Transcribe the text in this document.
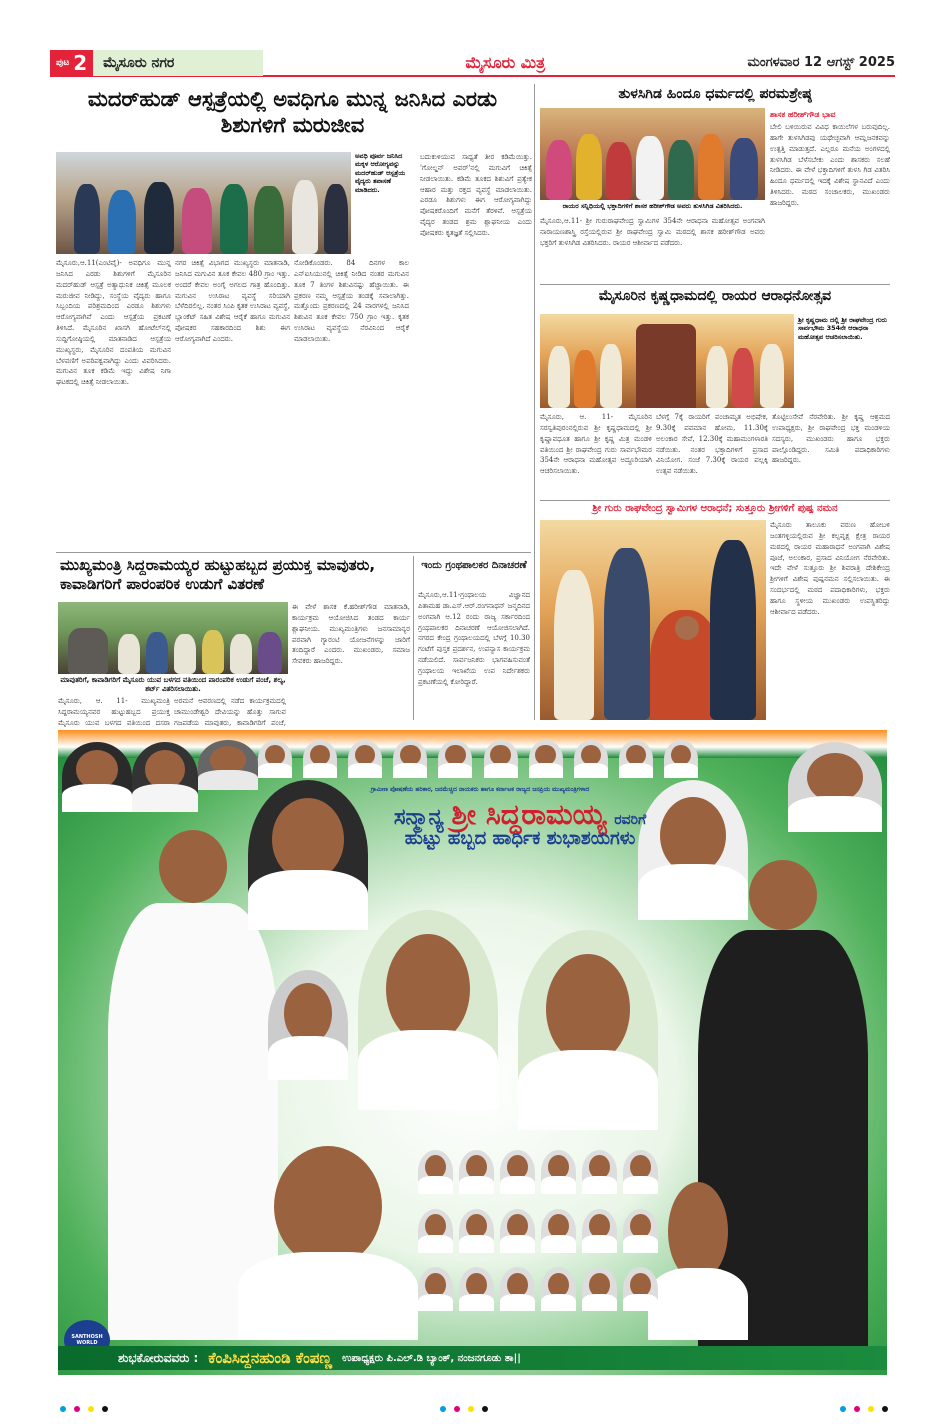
ಪುಟ 2	ಮೈಸೂರು ನಗರ	ಮೈಸೂರು ಮಿತ್ರ	ಮಂಗಳವಾರ 12 ಆಗಸ್ಟ್ 2025
ಮದರ್‌ಹುಡ್ ಆಸ್ಪತ್ರೆಯಲ್ಲಿ ಅವಧಿಗೂ ಮುನ್ನ ಜನಿಸಿದ ಎರಡು ಶಿಶುಗಳಿಗೆ ಮರುಜೀವ
ಅವಧಿ ಪೂರ್ವ ಜನಿಸಿದ ಮಕ್ಕಳ ಆರೋಗ್ಯವನ್ನು ಮದರ್‌ಹುಡ್ ಆಸ್ಪತ್ರೆಯ ವೈದ್ಯರು ತಪಾಸಣೆ ಮಾಡಿದರು.
ಮೈಸೂರು,ಆ.11(ಎಂಟಿವೈ)- ಅವಧಿಗೂ ಮುನ್ನ ಜನಿಸಿದ ಎರಡು ಶಿಶುಗಳಿಗೆ ಮೈಸೂರಿನ ಮದರ್‌ಹುಡ್ ಆಸ್ಪತ್ರೆ ಅತ್ಯಾಧುನಿಕ ಚಿಕಿತ್ಸೆ ಮೂಲಕ ಮರುಜೀವ ನೀಡಿದ್ದು, ಸಂಸ್ಥೆಯ ವೈದ್ಯರು ಹಾಗೂ ಸಿಬ್ಬಂದಿಯ ಪರಿಶ್ರಮದಿಂದ ಎರಡೂ ಶಿಶುಗಳು ಆರೋಗ್ಯವಾಗಿವೆ ಎಂದು ಆಸ್ಪತ್ರೆಯ ಪ್ರಕಟಣೆ ತಿಳಿಸಿದೆ. ಮೈಸೂರಿನ ಖಾಸಗಿ ಹೋಟೆಲ್‌ನಲ್ಲಿ ಸುದ್ದಿಗೋಷ್ಠಿಯಲ್ಲಿ ಮಾತನಾಡಿದ ಆಸ್ಪತ್ರೆಯ ಮುಖ್ಯಸ್ಥರು, ಮೈಸೂರಿನ ದಂಪತಿಯ ಮಗುವಿನ ಬೆಳವಣಿಗೆ ಅಪರಿಪಕ್ವವಾಗಿದ್ದು ಎಂದು ವಿವರಿಸಿದರು. ಮಗುವಿನ ತೂಕ ಕಡಿಮೆ ಇದ್ದು ವಿಶೇಷ ನಿಗಾ ಘಟಕದಲ್ಲಿ ಚಿಕಿತ್ಸೆ ನೀಡಲಾಯಿತು.
ನಗರ ಚಿಕಿತ್ಸೆ ವಿಭಾಗದ ಮುಖ್ಯಸ್ಥರು ಮಾತನಾಡಿ, ಜನಿಸಿದ ಮಗುವಿನ ತೂಕ ಕೇವಲ 480 ಗ್ರಾಂ ಇತ್ತು. ಅಂದರೆ ಕೇವಲ ಅಂಗೈ ಅಗಲದ ಗಾತ್ರ ಹೊಂದಿತ್ತು. ಮಗುವಿನ ಉಸಿರಾಟ ವ್ಯವಸ್ಥೆ ಸರಿಯಾಗಿ ಬೆಳೆದಿರಲಿಲ್ಲ. ನಂತರ ಸಿಂಪಿ ಕೃತಕ ಉಸಿರಾಟ ವ್ಯವಸ್ಥೆ, ಬ್ಲಾಂಕೆಟ್ ಸಹಿತ ವಿಶೇಷ ಆರೈಕೆ ಹಾಗೂ ಮಗುವಿನ ಪೋಷಕರ ಸಹಕಾರದಿಂದ ಶಿಶು ಈಗ ಆರೋಗ್ಯವಾಗಿದೆ ಎಂದರು.
ನೋಡಿಕೊಂಡರು. 84 ದಿನಗಳ ಕಾಲ ಎನ್‌ಐಸಿಯುನಲ್ಲಿ ಚಿಕಿತ್ಸೆ ನೀಡಿದ ನಂತರ ಮಗುವಿನ ತೂಕ 7 ತಿಂಗಳ ಶಿಶುವಿನಷ್ಟು ಹೆಚ್ಚಾಯಿತು. ಈ ಪ್ರಕರಣ ನಮ್ಮ ಆಸ್ಪತ್ರೆಯ ತಂಡಕ್ಕೆ ಸವಾಲಾಗಿತ್ತು. ಮತ್ತೊಂದು ಪ್ರಕರಣದಲ್ಲಿ 24 ವಾರಗಳಲ್ಲಿ ಜನಿಸಿದ ಶಿಶುವಿನ ತೂಕ ಕೇವಲ 750 ಗ್ರಾಂ ಇತ್ತು. ಕೃತಕ ಉಸಿರಾಟ ವ್ಯವಸ್ಥೆಯ ನೆರವಿನಿಂದ ಆರೈಕೆ ಮಾಡಲಾಯಿತು.
ಬದುಕುಳಿಯುವ ಸಾಧ್ಯತೆ ತೀರ ಕಡಿಮೆಯಿತ್ತು. 'ಗೋಲ್ಡನ್ ಅವರ್'ನಲ್ಲಿ ಮಗುವಿಗೆ ಚಿಕಿತ್ಸೆ ನೀಡಲಾಯಿತು. ಕಡಿಮೆ ತೂಕದ ಶಿಶುವಿಗೆ ಪ್ರತ್ಯೇಕ ಆಹಾರ ಮತ್ತು ರಕ್ತದ ವ್ಯವಸ್ಥೆ ಮಾಡಲಾಯಿತು. ಎರಡೂ ಶಿಶುಗಳು ಈಗ ಆರೋಗ್ಯವಾಗಿದ್ದು ಪೋಷಕರೊಂದಿಗೆ ಮನೆಗೆ ತೆರಳಿವೆ. ಆಸ್ಪತ್ರೆಯ ವೈದ್ಯರ ತಂಡದ ಶ್ರಮ ಶ್ಲಾಘನೀಯ ಎಂದು ಪೋಷಕರು ಕೃತಜ್ಞತೆ ಸಲ್ಲಿಸಿದರು.
ಮುಖ್ಯಮಂತ್ರಿ ಸಿದ್ದರಾಮಯ್ಯರ ಹುಟ್ಟುಹಬ್ಬದ ಪ್ರಯುಕ್ತ ಮಾವುತರು, ಕಾವಾಡಿಗರಿಗೆ ಪಾರಂಪರಿಕ ಉಡುಗೆ ವಿತರಣೆ
ಮಾವುತರಿಗೆ, ಕಾವಾಡಿಗರಿಗೆ ಮೈಸೂರು ಯುವ ಬಳಗದ ವತಿಯಿಂದ ಪಾರಂಪರಿಕ ಉಡುಗೆ ಪಂಚೆ, ಶಲ್ಯ, ಶರ್ಟ್ ವಿತರಿಸಲಾಯಿತು.
ಮೈಸೂರು, ಆ. 11- ಮುಖ್ಯಮಂತ್ರಿ ಸಿದ್ದರಾಮಯ್ಯನವರ ಹುಟ್ಟುಹಬ್ಬದ ಪ್ರಯುಕ್ತ ಮೈಸೂರು ಯುವ ಬಳಗದ ವತಿಯಿಂದ ದಸರಾ
ಅರಮನೆ ಆವರಣದಲ್ಲಿ ನಡೆದ ಕಾರ್ಯಕ್ರಮದಲ್ಲಿ ಚಾಮುಂಡೇಶ್ವರಿ ದೇವಿಯನ್ನು ಹೊತ್ತು ಸಾಗುವ ಗಜಪಡೆಯ ಮಾವುತರು, ಕಾವಾಡಿಗರಿಗೆ ಪಂಚೆ,
ಈ ವೇಳೆ ಶಾಸಕ ಕೆ.ಹರೀಶ್‌ಗೌಡ ಮಾತನಾಡಿ, ಕಾರ್ಯಕ್ರಮ ಆಯೋಜಿಸಿದ ತಂಡದ ಕಾರ್ಯ ಶ್ಲಾಘನೀಯ. ಮುಖ್ಯಮಂತ್ರಿಗಳು ಜನಸಾಮಾನ್ಯರ ಪರವಾಗಿ ಗ್ಯಾರಂಟಿ ಯೋಜನೆಗಳನ್ನು ಜಾರಿಗೆ ತಂದಿದ್ದಾರೆ ಎಂದರು. ಮುಖಂಡರು, ಸಮಾಜ ಸೇವಕರು ಹಾಜರಿದ್ದರು.
ಇಂದು ಗ್ರಂಥಪಾಲಕರ ದಿನಾಚರಣೆ
ಮೈಸೂರು,ಆ.11-ಗ್ರಂಥಾಲಯ ವಿಜ್ಞಾನದ ಪಿತಾಮಹ ಡಾ.ಎಸ್.ಆರ್.ರಂಗನಾಥನ್ ಜನ್ಮದಿನದ ಅಂಗವಾಗಿ ಆ.12 ರಂದು ರಾಜ್ಯ ಸರ್ಕಾರದಿಂದ ಗ್ರಂಥಪಾಲಕರ ದಿನಾಚರಣೆ ಆಯೋಜಿಸಲಾಗಿದೆ. ನಗರದ ಕೇಂದ್ರ ಗ್ರಂಥಾಲಯದಲ್ಲಿ ಬೆಳಗ್ಗೆ 10.30 ಗಂಟೆಗೆ ಪುಸ್ತಕ ಪ್ರದರ್ಶನ, ಉಪನ್ಯಾಸ ಕಾರ್ಯಕ್ರಮ ನಡೆಯಲಿದೆ. ಸಾರ್ವಜನಿಕರು ಭಾಗವಹಿಸುವಂತೆ ಗ್ರಂಥಾಲಯ ಇಲಾಖೆಯ ಉಪ ನಿರ್ದೇಶಕರು ಪ್ರಕಟಣೆಯಲ್ಲಿ ಕೋರಿದ್ದಾರೆ.
ತುಳಸಿಗಿಡ ಹಿಂದೂ ಧರ್ಮದಲ್ಲಿ ಪರಮಶ್ರೇಷ್ಠ
ರಾಯರ ಸನ್ನಿಧಿಯಲ್ಲಿ ಭಕ್ತಾದಿಗಳಿಗೆ ಶಾಸಕ ಹರೀಶ್‌ಗೌಡ ಅವರು ತುಳಸಿಗಿಡ ವಿತರಿಸಿದರು.
ಮೈಸೂರು,ಆ.11- ಶ್ರೀ ಗುರುರಾಘವೇಂದ್ರ ಸ್ವಾಮಿಗಳ 354ನೇ ಆರಾಧನಾ ಮಹೋತ್ಸವ ಅಂಗವಾಗಿ ನಾರಾಯಣಶಾಸ್ತ್ರಿ ರಸ್ತೆಯಲ್ಲಿರುವ ಶ್ರೀ ರಾಘವೇಂದ್ರ ಸ್ವಾಮಿ ಮಠದಲ್ಲಿ ಶಾಸಕ ಹರೀಶ್‌ಗೌಡ ಅವರು ಭಕ್ತರಿಗೆ ತುಳಸಿಗಿಡ ವಿತರಿಸಿದರು. ರಾಯರ ಆಶೀರ್ವಾದ ಪಡೆದರು.
ಶಾಸಕ ಹರೀಶ್‌ಗೌಡ ಭಾವ
ಬೇಲಿ ಬಳಿಯಿರುವ ವಿವಿಧ ಕಾಯಿಲೆಗಳ ಬರುವುದಿಲ್ಲ. ಹಾಗೇ ತುಳಸಿಗಿಡವು ಯಥೇಚ್ಛವಾಗಿ ಆಮ್ಲಜನಕವನ್ನು ಉತ್ಪತ್ತಿ ಮಾಡುತ್ತದೆ. ಎಲ್ಲರೂ ಮನೆಯ ಅಂಗಳದಲ್ಲಿ ತುಳಸಿಗಿಡ ಬೆಳೆಸಬೇಕು ಎಂದು ಶಾಸಕರು ಸಲಹೆ ನೀಡಿದರು. ಈ ವೇಳೆ ಭಕ್ತಾದಿಗಳಿಗೆ ತುಳಸಿ ಗಿಡ ವಿತರಿಸಿ ಹಿಂದೂ ಧರ್ಮದಲ್ಲಿ ಇದಕ್ಕೆ ವಿಶೇಷ ಸ್ಥಾನವಿದೆ ಎಂದು ತಿಳಿಸಿದರು. ಮಠದ ಸಂಚಾಲಕರು, ಮುಖಂಡರು ಹಾಜರಿದ್ದರು.
ಮೈಸೂರಿನ ಕೃಷ್ಣಧಾಮದಲ್ಲಿ ರಾಯರ ಆರಾಧನೋತ್ಸವ
ಶ್ರೀ ಕೃಷ್ಣಧಾಮ ದಲ್ಲಿ ಶ್ರೀ ರಾಘವೇಂದ್ರ ಗುರು ಸಾರ್ವಭೌಮ 354ನೇ ಆರಾಧನಾ ಮಹೋತ್ಸವ ಆಚರಿಸಲಾಯಿತು.
ಮೈಸೂರು, ಆ. 11- ಮೈಸೂರಿನ ಸರಸ್ವತಿಪುರಂನಲ್ಲಿರುವ ಶ್ರೀ ಕೃಷ್ಣಧಾಮದಲ್ಲಿ ಶ್ರೀ ಕೃಷ್ಣಾವಧೂತ ಹಾಗೂ ಶ್ರೀ ಕೃಷ್ಣ ಮಿತ್ರ ಮಂಡಳಿ ವತಿಯಿಂದ ಶ್ರೀ ರಾಘವೇಂದ್ರ ಗುರು ಸಾರ್ವಭೌಮರ 354ನೇ ಆರಾಧನಾ ಮಹೋತ್ಸವ ಅದ್ಧೂರಿಯಾಗಿ ಆಚರಿಸಲಾಯಿತು.
ಬೆಳಗ್ಗೆ 7ಕ್ಕೆ ರಾಯರಿಗೆ ಪಂಚಾಮೃತ ಅಭಿಷೇಕ, 9.30ಕ್ಕೆ ಪವಮಾನ ಹೋಮ, 11.30ಕ್ಕೆ ಅಲಂಕಾರ ಸೇವೆ, 12.30ಕ್ಕೆ ಮಹಾಮಂಗಳಾರತಿ ನಡೆಯಿತು. ನಂತರ ಭಕ್ತಾದಿಗಳಿಗೆ ಪ್ರಸಾದ ವಿನಿಯೋಗ. ಸಂಜೆ 7.30ಕ್ಕೆ ರಾಯರ ಪಲ್ಲಕ್ಕಿ ಉತ್ಸವ ನಡೆಯಿತು.
ತೊಟ್ಟಿಲುಸೇವೆ ನೆರವೇರಿತು. ಶ್ರೀ ಕೃಷ್ಣ ಆಶ್ರಮದ ಉಪಾಧ್ಯಕ್ಷರು, ಶ್ರೀ ರಾಘವೇಂದ್ರ ಭಕ್ತ ಮಂಡಳಿಯ ಸದಸ್ಯರು, ಮುಖಂಡರು ಹಾಗೂ ಭಕ್ತರು ಪಾಲ್ಗೊಂಡಿದ್ದರು. ಸಮಿತಿ ಪದಾಧಿಕಾರಿಗಳು ಹಾಜರಿದ್ದರು.
ಶ್ರೀ ಗುರು ರಾಘವೇಂದ್ರ ಸ್ವಾಮಿಗಳ ಆರಾಧನೆ; ಸುತ್ತೂರು ಶ್ರೀಗಳಿಗೆ ಪುಷ್ಪ ನಮನ
ಮೈಸೂರು ತಾಲೂಕು ವರುಣ ಹೋಬಳಿ ಜಂತಗಳ್ಳಿಯಲ್ಲಿರುವ ಶ್ರೀ ಕಲ್ಪವೃಕ್ಷ ಕ್ಷೇತ್ರ ರಾಯರ ಮಠದಲ್ಲಿ ರಾಯರ ಮಹಾರಾಧನೆ ಅಂಗವಾಗಿ ವಿಶೇಷ ಪೂಜೆ, ಅಲಂಕಾರ, ಪ್ರಸಾದ ವಿನಿಯೋಗ ನೆರವೇರಿತು. ಇದೇ ವೇಳೆ ಸುತ್ತೂರು ಶ್ರೀ ಶಿವರಾತ್ರಿ ದೇಶಿಕೇಂದ್ರ ಶ್ರೀಗಳಿಗೆ ವಿಶೇಷ ಪುಷ್ಪನಮನ ಸಲ್ಲಿಸಲಾಯಿತು. ಈ ಸಂದರ್ಭದಲ್ಲಿ ಮಠದ ಪದಾಧಿಕಾರಿಗಳು, ಭಕ್ತರು ಹಾಗೂ ಸ್ಥಳೀಯ ಮುಖಂಡರು ಉಪಸ್ಥಿತರಿದ್ದು ಆಶೀರ್ವಾದ ಪಡೆದರು.
SANTHOSH WORLD
ಗ್ರಾಮೀಣ ಪೋಷಣೆಯ ಹರಿಕಾರ, ಜನಮೆಚ್ಚಿದ ನಾಯಕರು ಹಾಗೂ ಕರ್ನಾಟಕ ರಾಜ್ಯದ ಜನಪ್ರಿಯ ಮುಖ್ಯಮಂತ್ರಿಗಳಾದ
ಸನ್ಮಾನ್ಯ ಶ್ರೀ ಸಿದ್ದರಾಮಯ್ಯ ರವರಿಗೆ
ಹುಟ್ಟು ಹಬ್ಬದ ಹಾರ್ಧಿಕ ಶುಭಾಶಯಗಳು
ಶುಭಕೋರುವವರು : ಕೆಂಪಿಸಿದ್ದನಹುಂಡಿ ಕೆಂಪಣ್ಣ ಉಪಾಧ್ಯಕ್ಷರು ಪಿ.ಎಲ್.ಡಿ ಬ್ಯಾಂಕ್, ನಂಜನಗೂಡು ತಾ||
